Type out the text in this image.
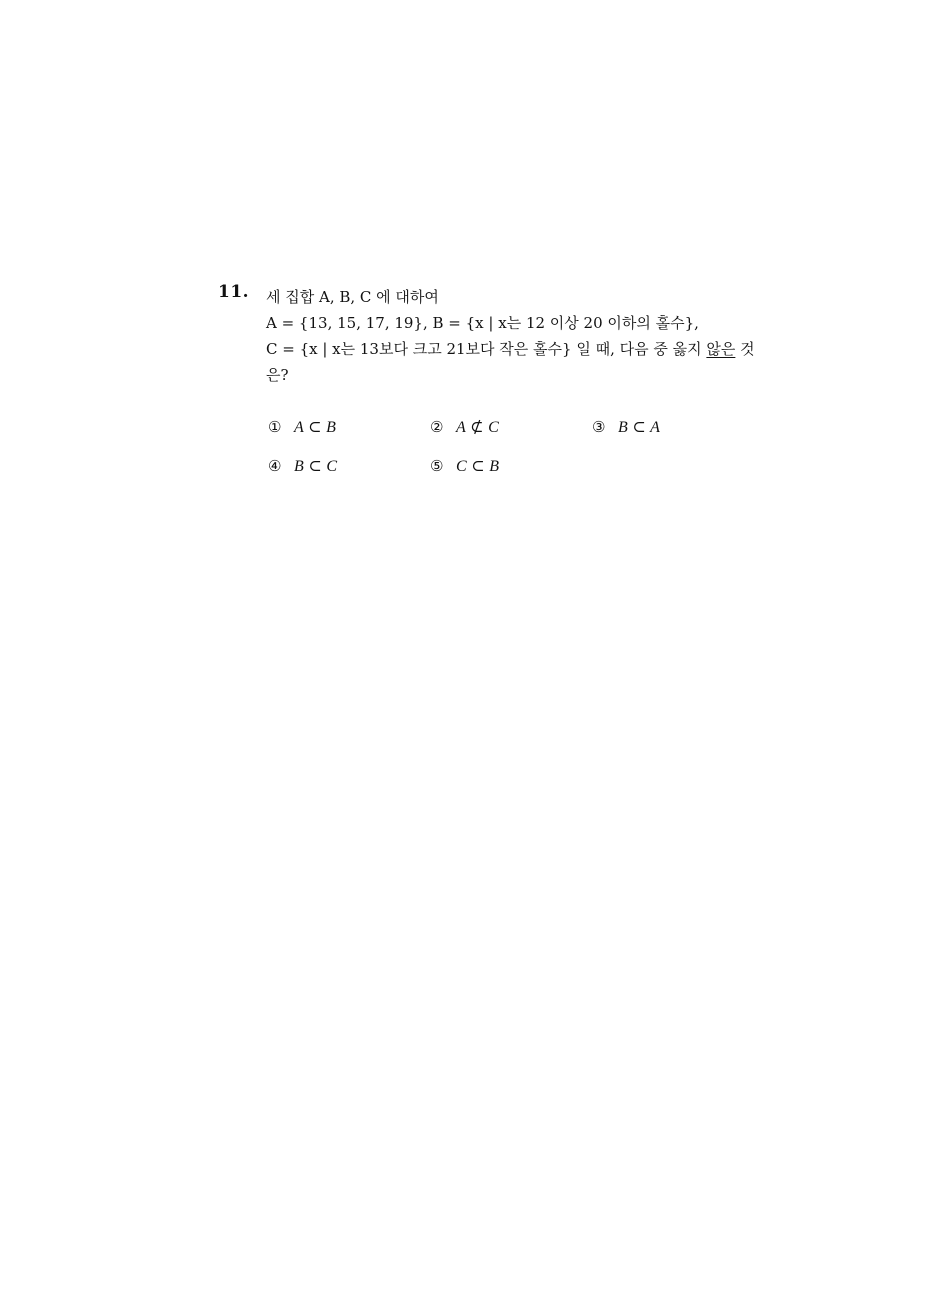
11. 세 집합 A, B, C 에 대하여
A = {13, 15, 17, 19}, B = {x | x는 12 이상 20 이하의 홀수},
C = {x | x는 13보다 크고 21보다 작은 홀수} 일 때, 다음 중 옳지 않은 것
은?
① A ⊂ B	② A ⊄ C	③ B ⊂ A
④ B ⊂ C	⑤ C ⊂ B
